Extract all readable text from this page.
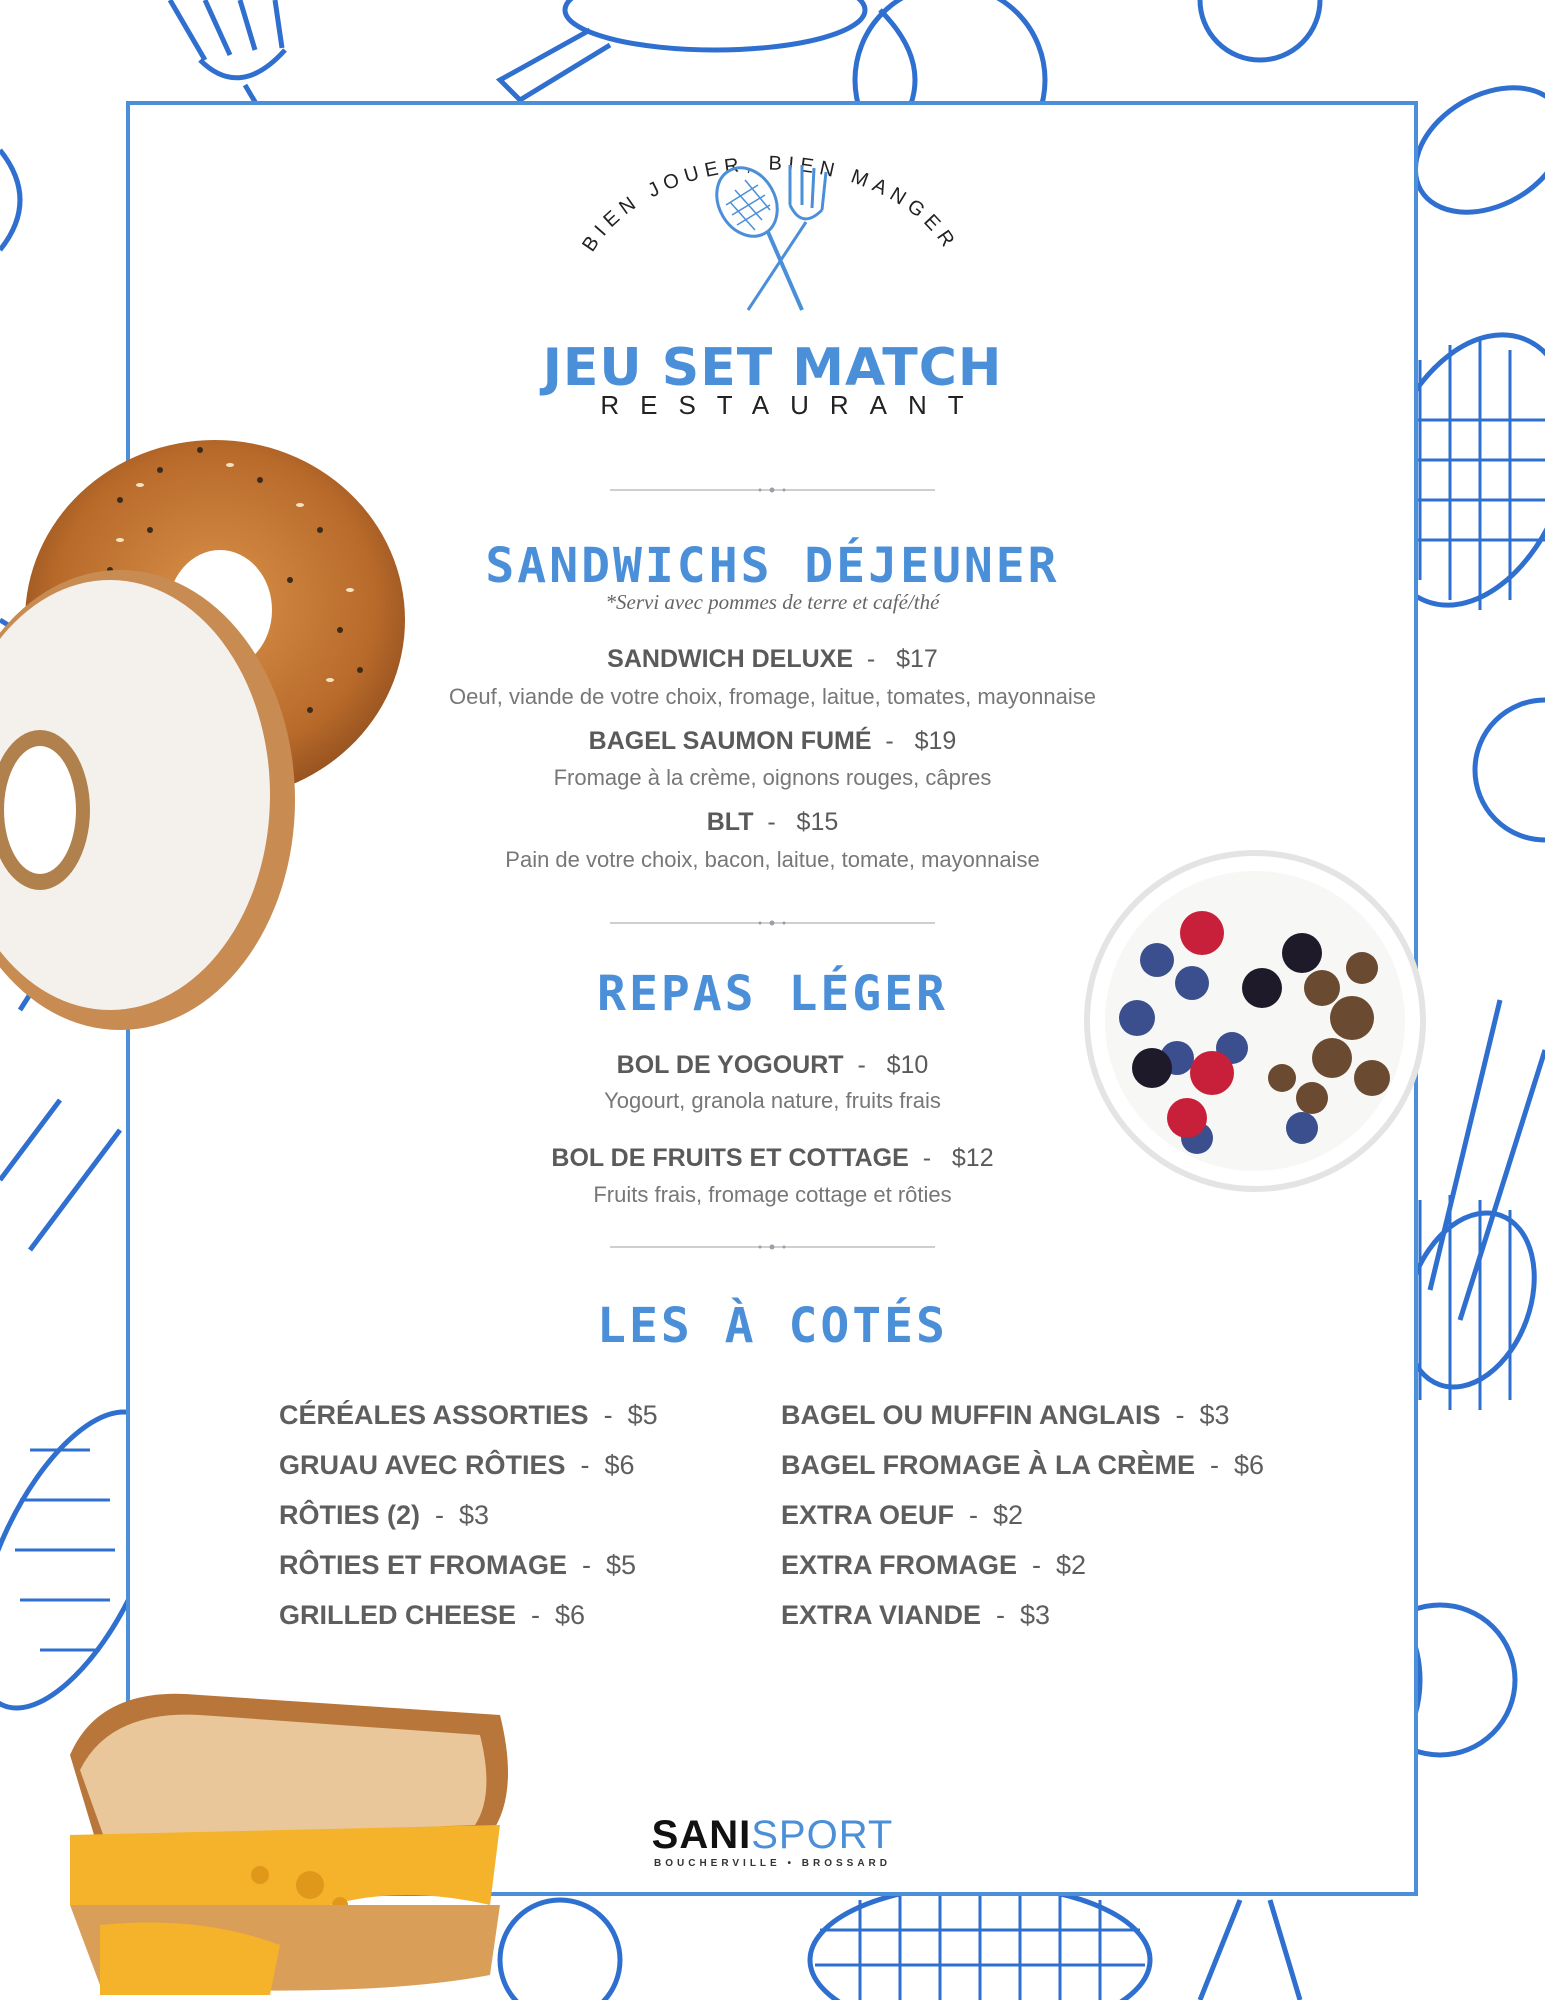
BIEN JOUER, BIEN MANGER
JEU SET MATCH
RESTAURANT
SANDWICHS DÉJEUNER
*Servi avec pommes de terre et café/thé
SANDWICH DELUXE  -   $17
Oeuf, viande de votre choix, fromage, laitue, tomates, mayonnaise
BAGEL SAUMON FUMÉ  -   $19
Fromage à la crème, oignons rouges, câpres
BLT  -   $15
Pain de votre choix, bacon, laitue, tomate, mayonnaise
REPAS LÉGER
BOL DE YOGOURT  -   $10
Yogourt, granola nature, fruits frais
BOL DE FRUITS ET COTTAGE  -   $12
Fruits frais, fromage cottage et rôties
LES À COTÉS
CÉRÉALES ASSORTIES  -  $5
GRUAU AVEC RÔTIES  -  $6
RÔTIES (2)  -  $3
RÔTIES ET FROMAGE  -  $5
GRILLED CHEESE  -  $6
BAGEL OU MUFFIN ANGLAIS  -  $3
BAGEL FROMAGE À LA CRÈME  -  $6
EXTRA OEUF  -  $2
EXTRA FROMAGE  -  $2
EXTRA VIANDE  -  $3
SANISPORT
BOUCHERVILLE • BROSSARD
